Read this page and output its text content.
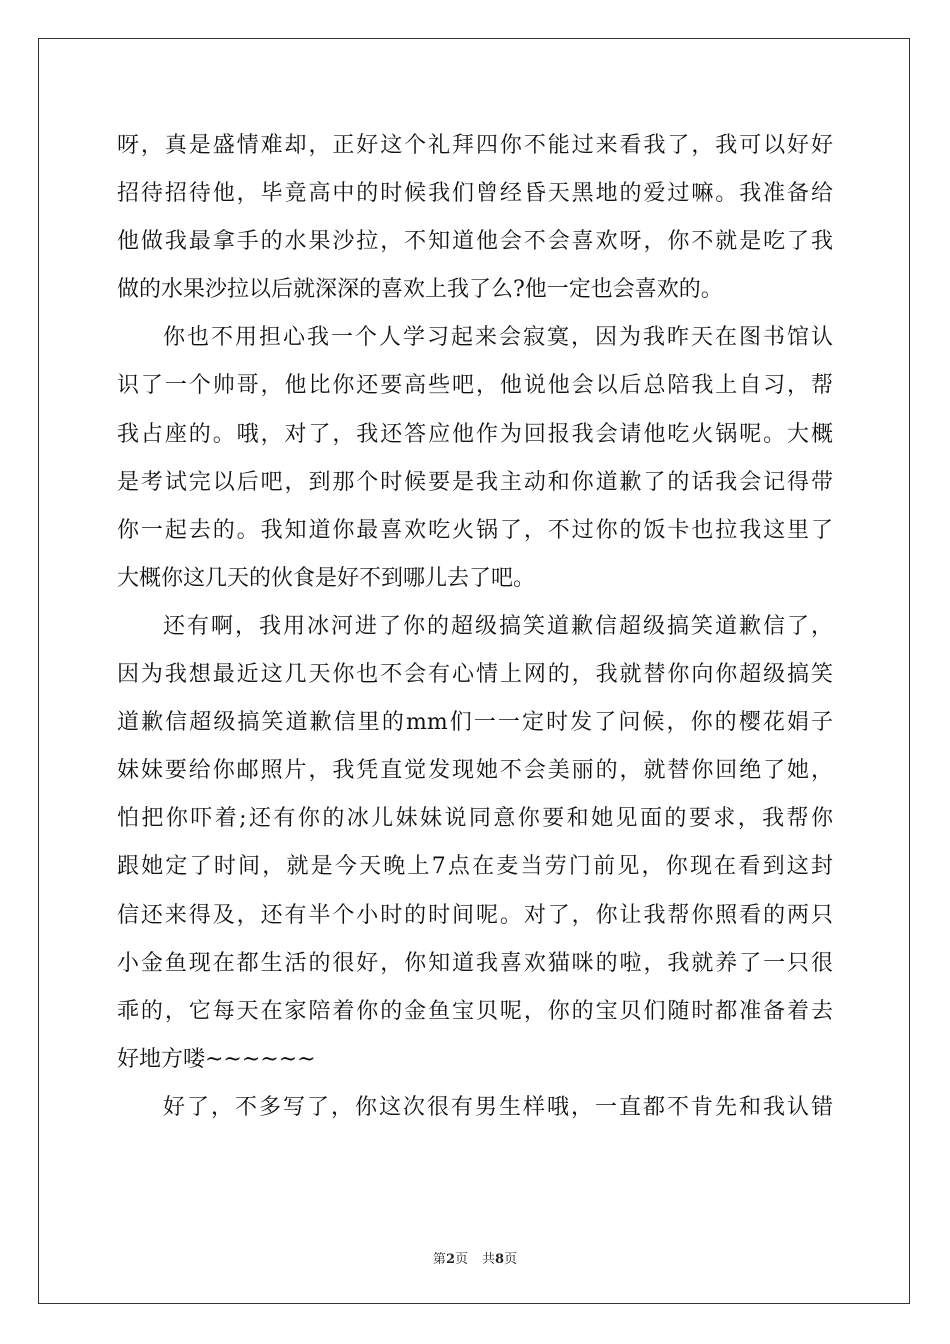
呀，真是盛情难却，正好这个礼拜四你不能过来看我了，我可以好好
招待招待他，毕竟高中的时候我们曾经昏天黑地的爱过嘛。我准备给
他做我最拿手的水果沙拉，不知道他会不会喜欢呀，你不就是吃了我
做的水果沙拉以后就深深的喜欢上我了么?他一定也会喜欢的。
你也不用担心我一个人学习起来会寂寞，因为我昨天在图书馆认
识了一个帅哥，他比你还要高些吧，他说他会以后总陪我上自习，帮
我占座的。哦，对了，我还答应他作为回报我会请他吃火锅呢。大概
是考试完以后吧，到那个时候要是我主动和你道歉了的话我会记得带
你一起去的。我知道你最喜欢吃火锅了，不过你的饭卡也拉我这里了
大概你这几天的伙食是好不到哪儿去了吧。
还有啊，我用冰河进了你的超级搞笑道歉信超级搞笑道歉信了，
因为我想最近这几天你也不会有心情上网的，我就替你向你超级搞笑
道歉信超级搞笑道歉信里的mm们一一定时发了问候，你的樱花娟子
妹妹要给你邮照片，我凭直觉发现她不会美丽的，就替你回绝了她，
怕把你吓着;还有你的冰儿妹妹说同意你要和她见面的要求，我帮你
跟她定了时间，就是今天晚上7点在麦当劳门前见，你现在看到这封
信还来得及，还有半个小时的时间呢。对了，你让我帮你照看的两只
小金鱼现在都生活的很好，你知道我喜欢猫咪的啦，我就养了一只很
乖的，它每天在家陪着你的金鱼宝贝呢，你的宝贝们随时都准备着去
好地方喽~~~~~~
好了，不多写了，你这次很有男生样哦，一直都不肯先和我认错
第2页 共8页
